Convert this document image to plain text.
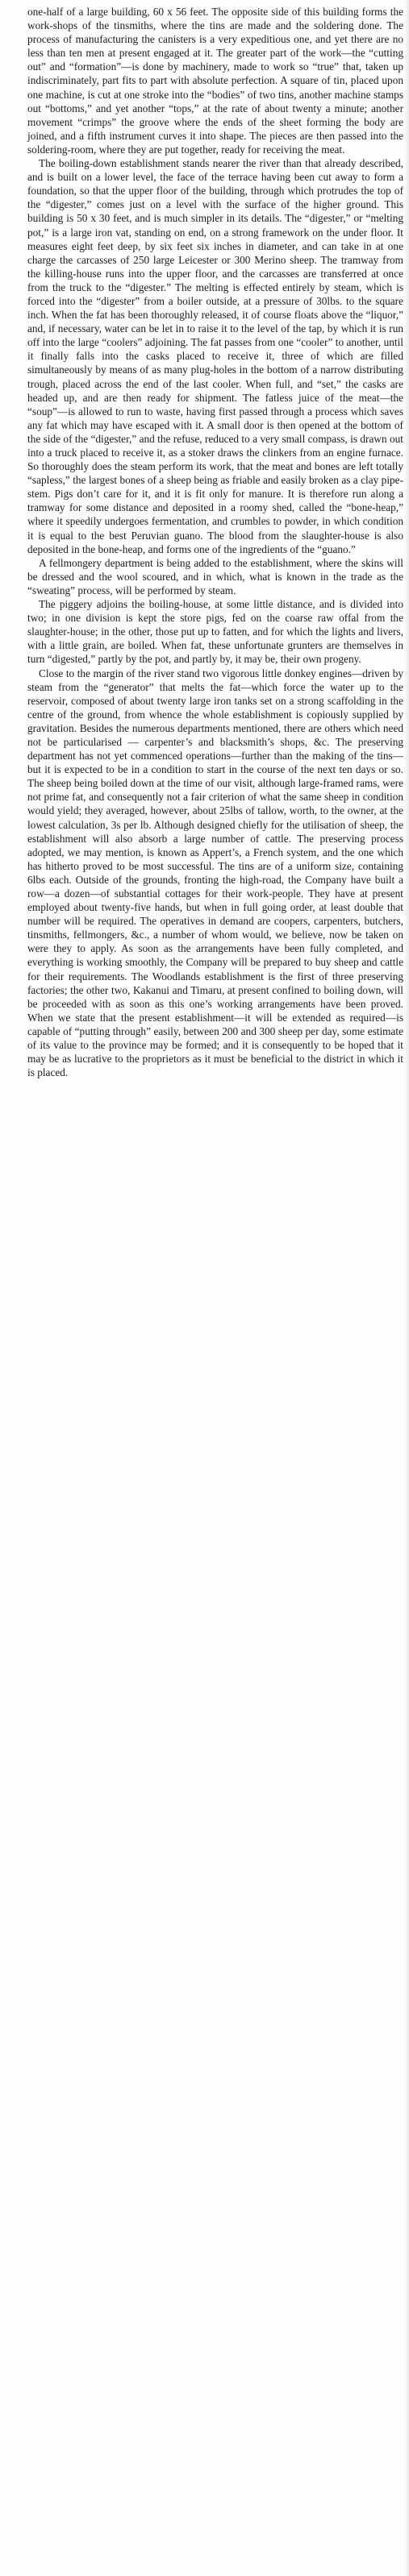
one-half of a large building, 60 x 56 feet. The opposite side of this building forms the work-shops of the tinsmiths, where the tins are made and the soldering done. The process of manufacturing the canisters is a very expeditious one, and yet there are no less than ten men at present engaged at it. The greater part of the work—the “cutting out” and “formation”—is done by machinery, made to work so “true” that, taken up indiscriminately, part fits to part with absolute perfection. A square of tin, placed upon one machine, is cut at one stroke into the “bodies” of two tins, another machine stamps out “bottoms,” and yet another “tops,” at the rate of about twenty a minute; another movement “crimps” the groove where the ends of the sheet forming the body are joined, and a fifth instrument curves it into shape. The pieces are then passed into the soldering-room, where they are put together, ready for receiving the meat.

The boiling-down establishment stands nearer the river than that already described, and is built on a lower level, the face of the terrace having been cut away to form a foundation, so that the upper floor of the building, through which protrudes the top of the “digester,” comes just on a level with the surface of the higher ground. This building is 50 x 30 feet, and is much simpler in its details. The “digester,” or “melting pot,” is a large iron vat, standing on end, on a strong framework on the under floor. It measures eight feet deep, by six feet six inches in diameter, and can take in at one charge the carcasses of 250 large Leicester or 300 Merino sheep. The tramway from the killing-house runs into the upper floor, and the carcasses are transferred at once from the truck to the “digester.” The melting is effected entirely by steam, which is forced into the “digester” from a boiler outside, at a pressure of 30lbs. to the square inch. When the fat has been thoroughly released, it of course floats above the “liquor,” and, if necessary, water can be let in to raise it to the level of the tap, by which it is run off into the large “coolers” adjoining. The fat passes from one “cooler” to another, until it finally falls into the casks placed to receive it, three of which are filled simultaneously by means of as many plug-holes in the bottom of a narrow distributing trough, placed across the end of the last cooler. When full, and “set,” the casks are headed up, and are then ready for shipment. The fatless juice of the meat—the “soup”—is allowed to run to waste, having first passed through a process which saves any fat which may have escaped with it. A small door is then opened at the bottom of the side of the “digester,” and the refuse, reduced to a very small compass, is drawn out into a truck placed to receive it, as a stoker draws the clinkers from an engine furnace. So thoroughly does the steam perform its work, that the meat and bones are left totally “sapless,” the largest bones of a sheep being as friable and easily broken as a clay pipe-stem. Pigs don’t care for it, and it is fit only for manure. It is therefore run along a tramway for some distance and deposited in a roomy shed, called the “bone-heap,” where it speedily undergoes fermentation, and crumbles to powder, in which condition it is equal to the best Peruvian guano. The blood from the slaughter-house is also deposited in the bone-heap, and forms one of the ingredients of the “guano.”

A fellmongery department is being added to the establishment, where the skins will be dressed and the wool scoured, and in which, what is known in the trade as the “sweating” process, will be performed by steam.

The piggery adjoins the boiling-house, at some little distance, and is divided into two; in one division is kept the store pigs, fed on the coarse raw offal from the slaughter-house; in the other, those put up to fatten, and for which the lights and livers, with a little grain, are boiled. When fat, these unfortunate grunters are themselves in turn “digested,” partly by the pot, and partly by, it may be, their own progeny.

Close to the margin of the river stand two vigorous little donkey engines—driven by steam from the “generator” that melts the fat—which force the water up to the reservoir, composed of about twenty large iron tanks set on a strong scaffolding in the centre of the ground, from whence the whole establishment is copiously supplied by gravitation. Besides the numerous departments mentioned, there are others which need not be particularised — carpenter’s and blacksmith’s shops, &c. The preserving department has not yet commenced operations—further than the making of the tins—but it is expected to be in a condition to start in the course of the next ten days or so. The sheep being boiled down at the time of our visit, although large-framed rams, were not prime fat, and consequently not a fair criterion of what the same sheep in condition would yield; they averaged, however, about 25lbs of tallow, worth, to the owner, at the lowest calculation, 3s per lb. Although designed chiefly for the utilisation of sheep, the establishment will also absorb a large number of cattle. The preserving process adopted, we may mention, is known as Appert’s, a French system, and the one which has hitherto proved to be most successful. The tins are of a uniform size, containing 6lbs each. Outside of the grounds, fronting the high-road, the Company have built a row—a dozen—of substantial cottages for their work-people. They have at present employed about twenty-five hands, but when in full going order, at least double that number will be required. The operatives in demand are coopers, carpenters, butchers, tinsmiths, fellmongers, &c., a number of whom would, we believe, now be taken on were they to apply. As soon as the arrangements have been fully completed, and everything is working smoothly, the Company will be prepared to buy sheep and cattle for their requirements. The Woodlands establishment is the first of three preserving factories; the other two, Kakanui and Timaru, at present confined to boiling down, will be proceeded with as soon as this one’s working arrangements have been proved. When we state that the present establishment—it will be extended as required—is capable of “putting through” easily, between 200 and 300 sheep per day, some estimate of its value to the province may be formed; and it is consequently to be hoped that it may be as lucrative to the proprietors as it must be beneficial to the district in which it is placed.
